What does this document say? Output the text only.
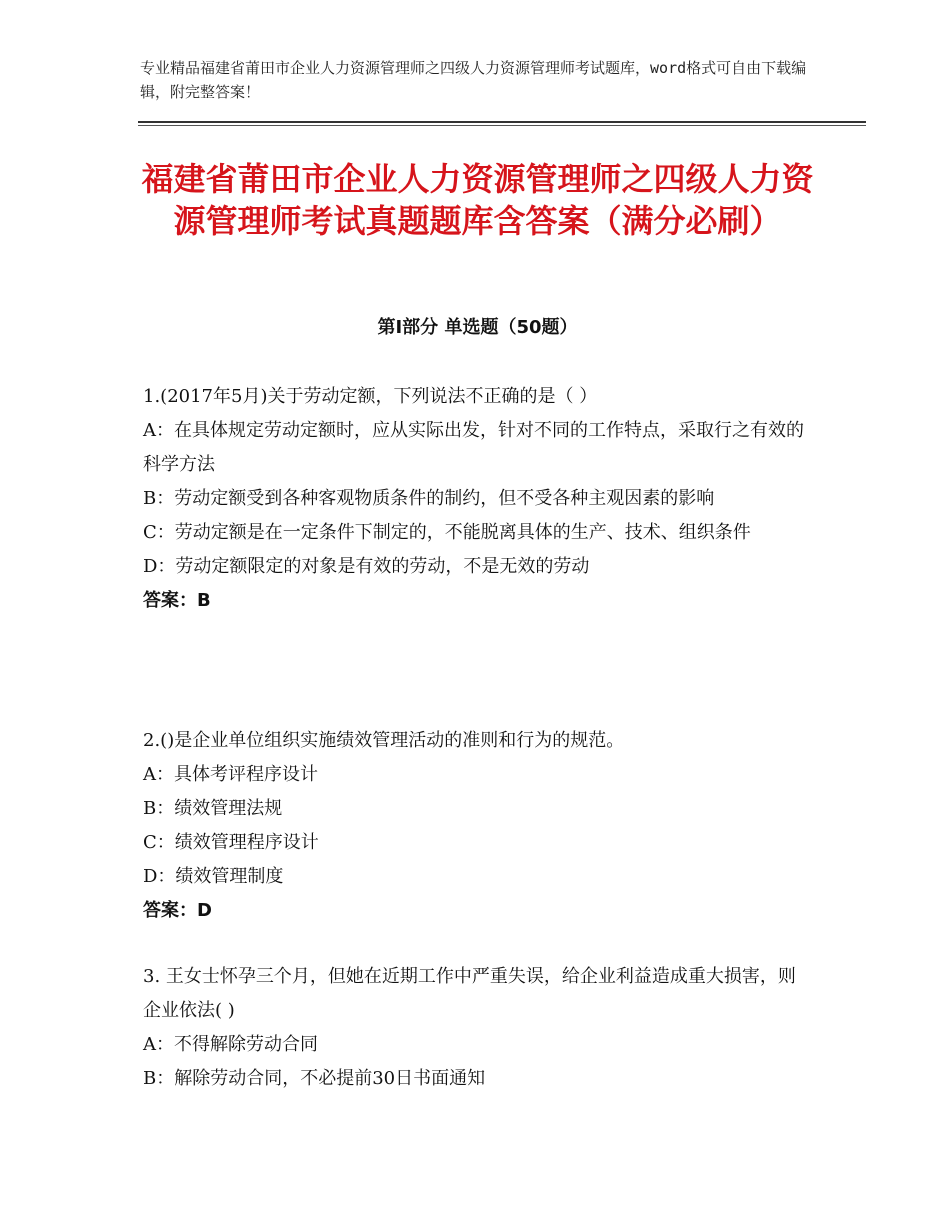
专业精品福建省莆田市企业人力资源管理师之四级人力资源管理师考试题库，word格式可自由下载编辑，附完整答案！
福建省莆田市企业人力资源管理师之四级人力资源管理师考试真题题库含答案（满分必刷）
第Ⅰ部分 单选题（50题）

1.(2017年5月)关于劳动定额，下列说法不正确的是（ ）

A：在具体规定劳动定额时，应从实际出发，针对不同的工作特点，采取行之有效的科学方法

B：劳动定额受到各种客观物质条件的制约，但不受各种主观因素的影响

C：劳动定额是在一定条件下制定的，不能脱离具体的生产、技术、组织条件

D：劳动定额限定的对象是有效的劳动，不是无效的劳动

答案：B

2.()是企业单位组织实施绩效管理活动的准则和行为的规范。

A：具体考评程序设计

B：绩效管理法规

C：绩效管理程序设计

D：绩效管理制度

答案：D

3. 王女士怀孕三个月，但她在近期工作中严重失误，给企业利益造成重大损害，则企业依法( )

A：不得解除劳动合同

B：解除劳动合同，不必提前30日书面通知
